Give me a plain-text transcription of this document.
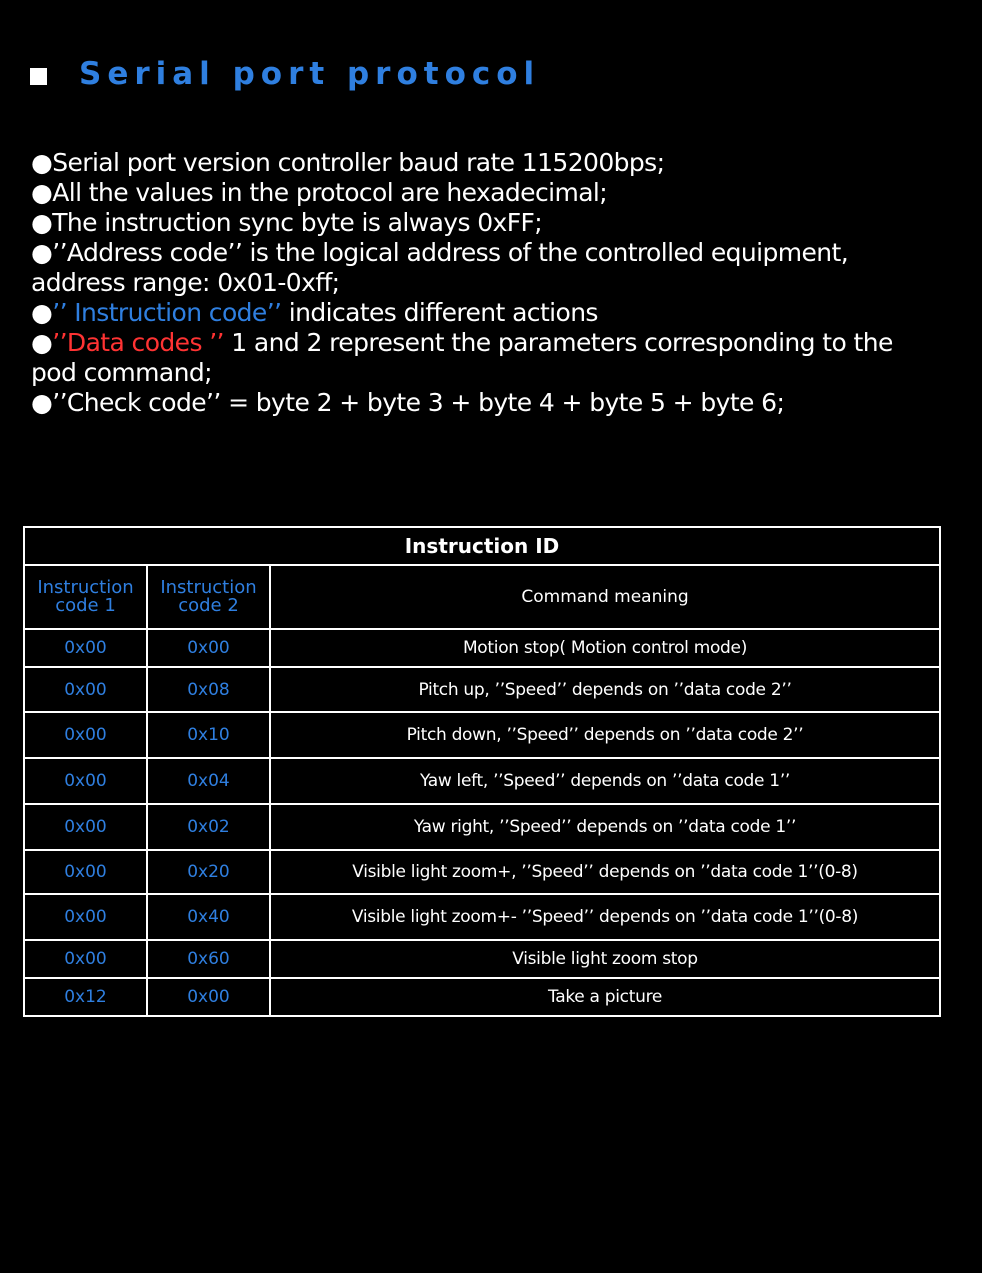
Serial port protocol

●Serial port version controller baud rate 115200bps;

●All the values in the protocol are hexadecimal;

●The instruction sync byte is always 0xFF;

●’’Address code’’ is the logical address of the controlled equipment, address range: 0x01-0xff;

●’’ Instruction code’’ indicates different actions

●’’Data codes ’’ 1 and 2 represent the parameters corresponding to the pod command;

●’’Check code’’ = byte 2 + byte 3 + byte 4 + byte 5 + byte 6;

Instruction ID		
Instruction code 1	Instruction code 2	Command meaning
0x00	0x00	Motion stop( Motion control mode)
0x00	0x08	Pitch up, ’’Speed’’ depends on ’’data code 2’’
0x00	0x10	Pitch down, ’’Speed’’ depends on ’’data code 2’’
0x00	0x04	Yaw left, ’’Speed’’ depends on ’’data code 1’’
0x00	0x02	Yaw right, ’’Speed’’ depends on ’’data code 1’’
0x00	0x20	Visible light zoom+, ’’Speed’’ depends on ’’data code 1’’(0-8)
0x00	0x40	Visible light zoom+- ’’Speed’’ depends on ’’data code 1’’(0-8)
0x00	0x60	Visible light zoom stop
0x12	0x00	Take a picture
